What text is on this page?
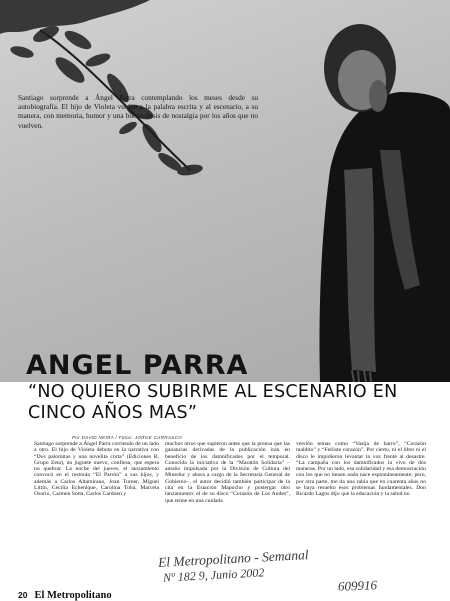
Santiago sorprende a Ángel Parra contemplando los meses desde su autobiografía. El hijo de Violeta vuelve a la palabra escrita y al escenario, a su manera, con memoria, humor y una buena dosis de nostalgia por los años que no vuelven.

ANGEL PARRA
“NO QUIERO SUBIRME AL ESCENARIO EN CINCO AÑOS MAS”
Por DAVID NEIRA / Fotos: JORGE CARRASCO

Santiago sorprende a Ángel Parra corriendo de un lado a otro. El hijo de Violeta debuta en la narrativa con “Dos palomitas y una novelita corta” (Ediciones B, Grupo Zeta), un juguete nuevo, confiesa, que espera no quebrar. La noche del jueves, el lanzamiento convocó en el restorán “El Parrón” a sus hijos, y además a Carlos Altamirano, Joan Turner, Miguel Littín, Cecilia Echenique, Carolina Tohá, Marcela Osorio, Carmen Sotta, Carlos Cardoen y

muchos otros que supieron antes que la prensa que las ganancias derivadas de la publicación irán en beneficio de los damnificados por el temporal. Conocida la iniciativa de la “Maratón Solidaria” –antaño impulsada por la División de Cultura del Mineduc y ahora a cargo de la Secretaría General de Gobierno–, el autor decidió también participar de la cita en la Estación Mapocho y postergar otro lanzamiento: el de su disco “Corazón de Los Andes”, que reúne en una cuidada

versión temas como “Vasija de barro”, “Corazón maldito” y “Feliiste corazón”. Por cierto, ni el libro ni el disco le impidieron levantar la voz frente al desastre. “La campaña con los damnificados la vivo de dos maneras. Por un lado, esa solidaridad y esa demostración con los que no tienen nada nace espontáneamente; pero, por otra parte, me da una rabia que en cuarenta años no se haya resuelto esos problemas fundamentales. Don Ricardo Lagos dijo que la educación y la salud no

El Metropolitano - Semanal
Nº 182 9, Junio 2002
609916
20 El Metropolitano
